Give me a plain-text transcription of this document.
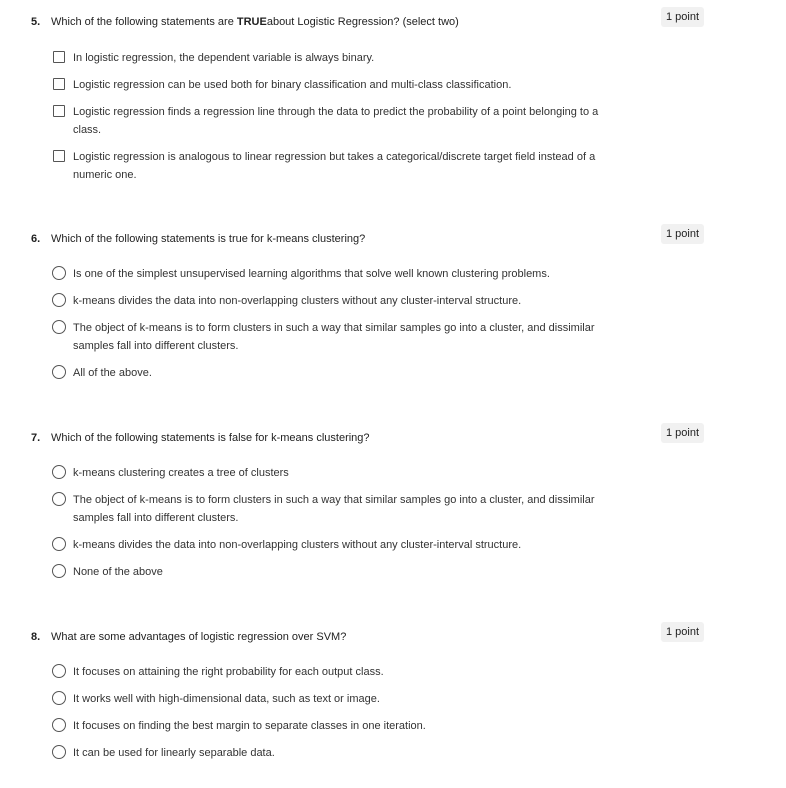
5. Which of the following statements are TRUEabout Logistic Regression? (select two)	1 point
In logistic regression, the dependent variable is always binary.
Logistic regression can be used both for binary classification and multi-class classification.
Logistic regression finds a regression line through the data to predict the probability of a point belonging to a class.
Logistic regression is analogous to linear regression but takes a categorical/discrete target field instead of a numeric one.
6. Which of the following statements is true for k-means clustering?	1 point
Is one of the simplest unsupervised learning algorithms that solve well known clustering problems.
k-means divides the data into non-overlapping clusters without any cluster-interval structure.
The object of k-means is to form clusters in such a way that similar samples go into a cluster, and dissimilar samples fall into different clusters.
All of the above.
7. Which of the following statements is false for k-means clustering?	1 point
k-means clustering creates a tree of clusters
The object of k-means is to form clusters in such a way that similar samples go into a cluster, and dissimilar samples fall into different clusters.
k-means divides the data into non-overlapping clusters without any cluster-interval structure.
None of the above
8. What are some advantages of logistic regression over SVM?	1 point
It focuses on attaining the right probability for each output class.
It works well with high-dimensional data, such as text or image.
It focuses on finding the best margin to separate classes in one iteration.
It can be used for linearly separable data.
